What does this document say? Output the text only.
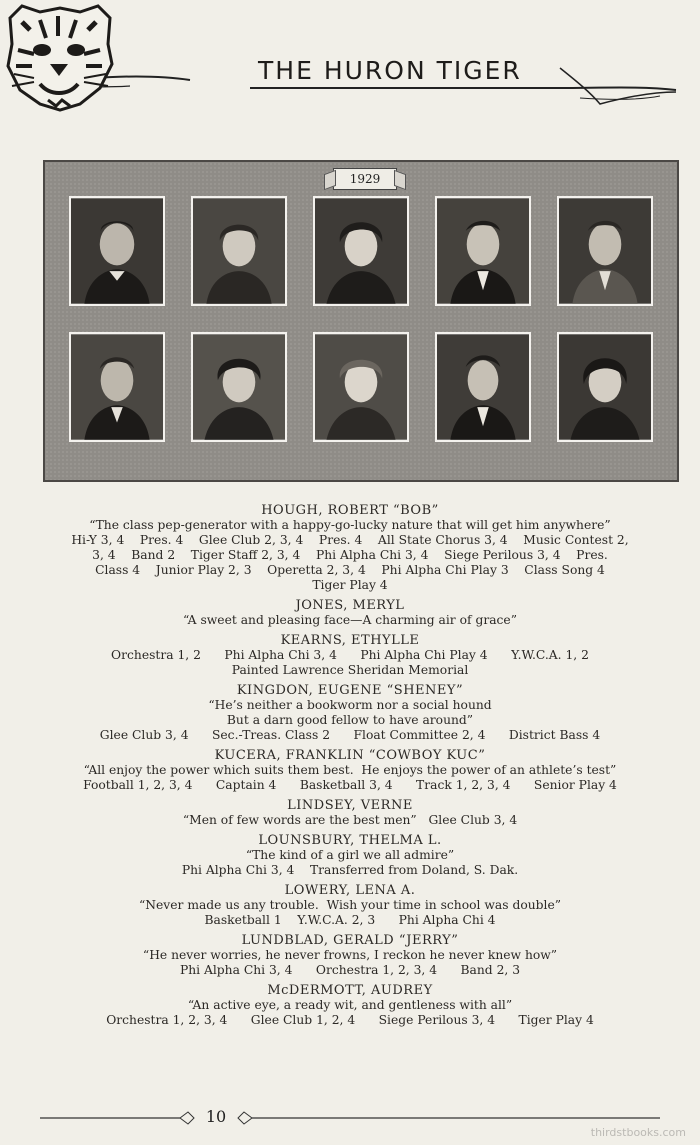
THE HURON TIGER
1929
HOUGH, ROBERT “BOB”
“The class pep-generator with a happy-go-lucky nature that will get him anywhere”
Hi-Y 3, 4    Pres. 4    Glee Club 2, 3, 4    Pres. 4    All State Chorus 3, 4    Music Contest 2,
3, 4    Band 2    Tiger Staff 2, 3, 4    Phi Alpha Chi 3, 4    Siege Perilous 3, 4    Pres.
Class 4    Junior Play 2, 3    Operetta 2, 3, 4    Phi Alpha Chi Play 3    Class Song 4
Tiger Play 4
JONES, MERYL
“A sweet and pleasing face—A charming air of grace”
KEARNS, ETHYLLE
Orchestra 1, 2      Phi Alpha Chi 3, 4      Phi Alpha Chi Play 4      Y.W.C.A. 1, 2
Painted Lawrence Sheridan Memorial
KINGDON, EUGENE “SHENEY”
“He’s neither a bookworm nor a social hound
But a darn good fellow to have around”
Glee Club 3, 4      Sec.-Treas. Class 2      Float Committee 2, 4      District Bass 4
KUCERA, FRANKLIN “COWBOY KUC”
“All enjoy the power which suits them best.  He enjoys the power of an athlete’s test”
Football 1, 2, 3, 4      Captain 4      Basketball 3, 4      Track 1, 2, 3, 4      Senior Play 4
LINDSEY, VERNE
“Men of few words are the best men”   Glee Club 3, 4
LOUNSBURY, THELMA L.
“The kind of a girl we all admire”
Phi Alpha Chi 3, 4    Transferred from Doland, S. Dak.
LOWERY, LENA A.
“Never made us any trouble.  Wish your time in school was double”
Basketball 1    Y.W.C.A. 2, 3      Phi Alpha Chi 4
LUNDBLAD, GERALD “JERRY”
“He never worries, he never frowns, I reckon he never knew how”
Phi Alpha Chi 3, 4      Orchestra 1, 2, 3, 4      Band 2, 3
McDERMOTT, AUDREY
“An active eye, a ready wit, and gentleness with all”
Orchestra 1, 2, 3, 4      Glee Club 1, 2, 4      Siege Perilous 3, 4      Tiger Play 4
10
thirdstbooks.com
